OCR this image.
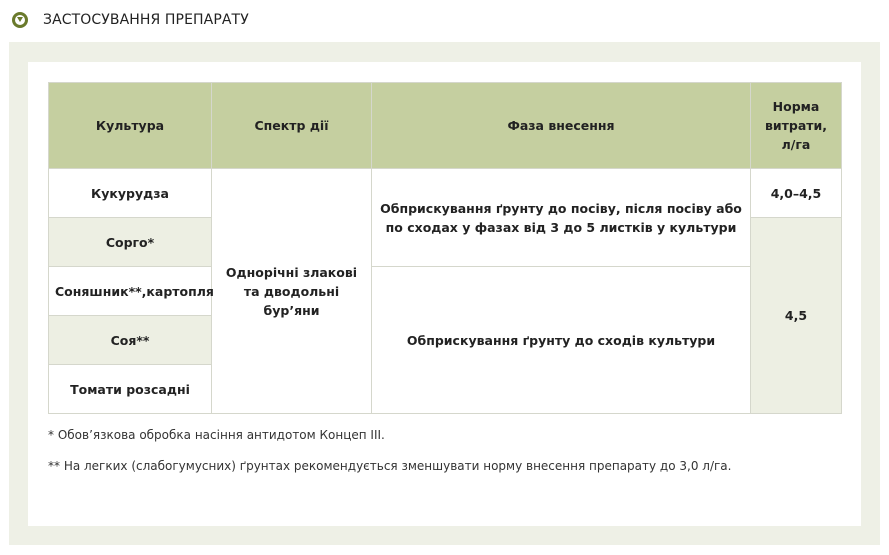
ЗАСТОСУВАННЯ ПРЕПАРАТУ
Культура	Спектр дії	Фаза внесення	Норма витрати, л/га
Кукурудза	Однорічні злакові та дводольні бур’яни	Обприскування ґрунту до посіву, після посіву або по сходах у фазах від 3 до 5 листків у культури	4,0–4,5
Сорго*			4,5
Соняшник**,картопля		Обприскування ґрунту до сходів культури	
Соя**			
Томати розсадні			

* Обов’язкова обробка насіння антидотом Концеп III.

** На легких (слабогумусних) ґрунтах рекомендується зменшувати норму внесення препарату до 3,0 л/га.
